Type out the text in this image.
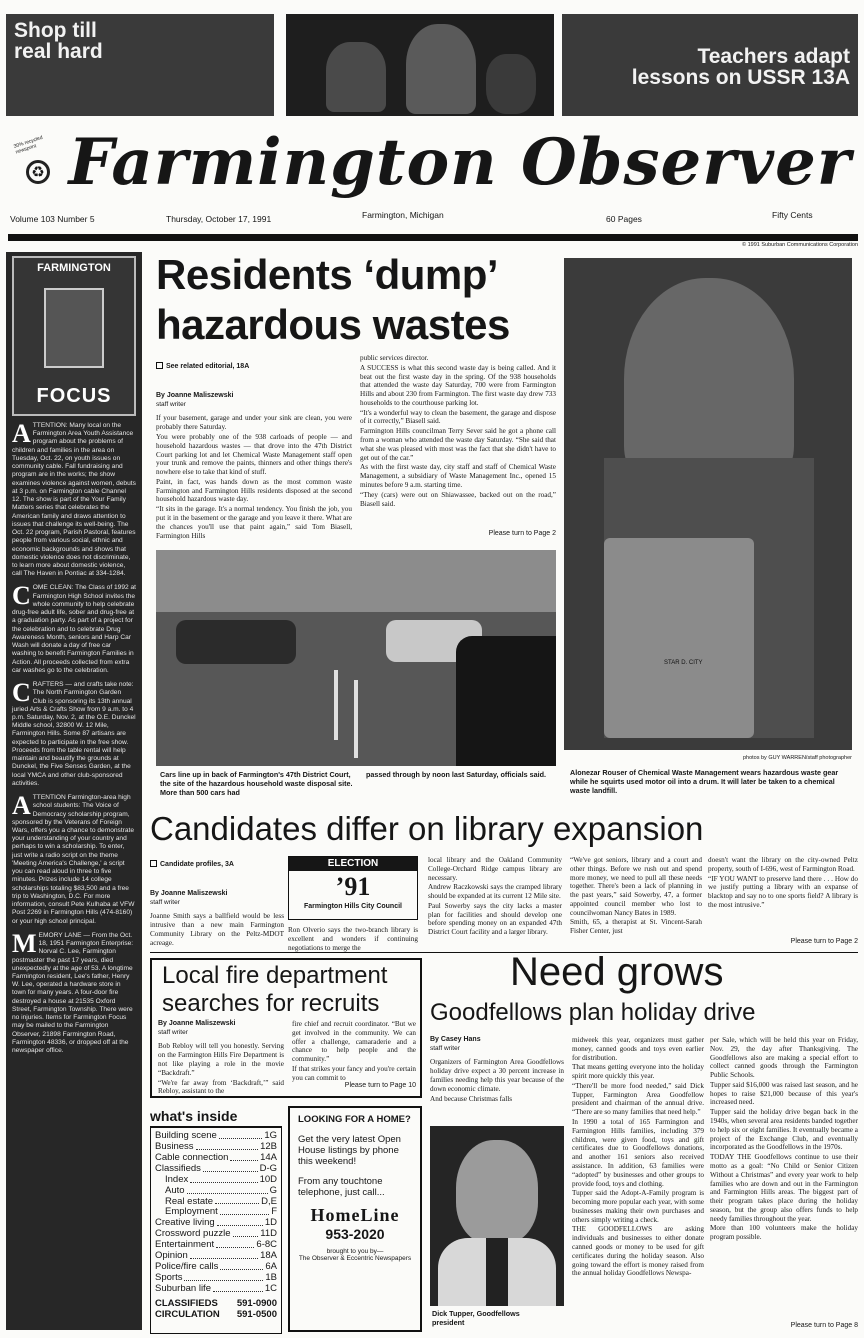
Shop till
real hard	Teachers adapt
lessons on USSR 13A
♻
30% recycled newsprint Farmington Observer
Volume 103 Number 5	Thursday, October 17, 1991	Farmington, Michigan	60 Pages	Fifty Cents
© 1991 Suburban Communications Corporation
FARMINGTON
FOCUS
A TTENTION: Many local on the Farmington Area Youth Assistance program about the problems of children and families in the area on Tuesday, Oct. 22, on youth issues on community cable. Fall fundraising and program are in the works; the show examines violence against women, debuts at 3 p.m. on Farmington cable Channel 12. The show is part of the Your Family Matters series that celebrates the American family and draws attention to issues that challenge its well-being. The Oct. 22 program, Parish Pastoral, features people from various social, ethnic and economic backgrounds and shows that domestic violence does not discriminate, to learn more about domestic violence, call The Haven in Pontiac at 334-1284.

C OME CLEAN: The Class of 1992 at Farmington High School invites the whole community to help celebrate drug-free adult life, sober and drug-free at a graduation party. As part of a project for the celebration and to celebrate Drug Awareness Month, seniors and Harp Car Wash will donate a day of free car washing to benefit Farmington Families in Action. All proceeds collected from extra car washes go to the celebration.

C RAFTERS — and crafts take note: The North Farmington Garden Club is sponsoring its 13th annual juried Arts & Crafts Show from 9 a.m. to 4 p.m. Saturday, Nov. 2, at the O.E. Dunckel Middle school, 32800 W. 12 Mile, Farmington Hills. Some 87 artisans are expected to participate in the free show. Proceeds from the table rental will help maintain and beautify the grounds at Dunckel, the Five Senses Garden, at the local YMCA and other club-sponsored activities.

A TTENTION Farmington-area high school students: The Voice of Democracy scholarship program, sponsored by the Veterans of Foreign Wars, offers you a chance to demonstrate your understanding of your country and perhaps to win a scholarship. To enter, just write a radio script on the theme 'Meeting America's Challenge,' a script you can read aloud in three to five minutes. Prizes include 14 college scholarships totaling $83,500 and a free trip to Washington, D.C. For more information, consult Pete Kulhaba at VFW Post 2269 in Farmington Hills (474-8160) or your high school principal.

M EMORY LANE — From the Oct. 18, 1951 Farmington Enterprise: Norval C. Lee, Farmington postmaster the past 17 years, died unexpectedly at the age of 53. A longtime Farmington resident, Lee's father, Henry W. Lee, operated a hardware store in town for many years. A four-door fire destroyed a house at 21535 Oxford Street, Farmington Township. There were no injuries. Items for Farmington Focus may be mailed to the Farmington Observer, 21898 Farmington Road, Farmington 48336, or dropped off at the newspaper office.

Residents ‘dump’
hazardous wastes
See related editorial, 18A
By Joanne Maliszewski
staff writer

If your basement, garage and under your sink are clean, you were probably there Saturday.

You were probably one of the 938 carloads of people — and household hazardous wastes — that drove into the 47th District Court parking lot and let Chemical Waste Management staff open your trunk and remove the paints, thinners and other things there's nowhere else to take that kind of stuff.

Paint, in fact, was hands down as the most common waste Farmington and Farmington Hills residents disposed at the second household hazardous waste day.

“It sits in the garage. It's a normal tendency. You finish the job, you put it in the basement or the garage and you leave it there. What are the chances you'll use that paint again,” said Tom Biasell, Farmington Hills

public services director.

A SUCCESS is what this second waste day is being called. And it beat out the first waste day in the spring. Of the 938 households that attended the waste day Saturday, 700 were from Farmington Hills and about 230 from Farmington. The first waste day drew 733 households to the courthouse parking lot.

“It's a wonderful way to clean the basement, the garage and dispose of it correctly,” Biasell said.

Farmington Hills councilman Terry Sever said he got a phone call from a woman who attended the waste day Saturday. “She said that what she was pleased with most was the fact that she didn't have to get out of the car.”

As with the first waste day, city staff and staff of Chemical Waste Management, a subsidiary of Waste Management Inc., opened 15 minutes before 9 a.m. starting time.

“They (cars) were out on Shiawassee, backed out on the road,” Biasell said.

Please turn to Page 2
Cars line up in back of Farmington's 47th District Court, the site of the hazardous household waste disposal site. More than 500 cars had
passed through by noon last Saturday, officials said.
STAR D. CITY
photos by GUY WARREN/staff photographer
Alonezar Rouser of Chemical Waste Management wears hazardous waste gear while he squirts used motor oil into a drum. It will later be taken to a chemical waste landfill.
Candidates differ on library expansion
Candidate profiles, 3A
By Joanne Maliszewski
staff writer

Joanne Smith says a ballfield would be less intrusive than a new main Farmington Community Library on the Peltz-MDOT acreage.

ELECTION
’91
Farmington Hills City Council

Ron Olverio says the two-branch library is excellent and wonders if continuing negotiations to merge the

local library and the Oakland Community College-Orchard Ridge campus library are necessary.

Andrew Raczkowski says the cramped library should be expanded at its current 12 Mile site.

Paul Sowerby says the city lacks a master plan for facilities and should develop one before spending money on an expanded 47th District Court facility and a larger library.

“We've got seniors, library and a court and other things. Before we rush out and spend more money, we need to pull all these needs together. There's been a lack of planning in the past years,” said Sowerby, 47, a former appointed council member who lost to councilwoman Nancy Bates in 1989.

Smith, 65, a therapist at St. Vincent-Sarah Fisher Center, just

doesn't want the library on the city-owned Peltz property, south of I-696, west of Farmington Road.

“IF YOU WANT to preserve land there . . . How do we justify putting a library with an expanse of blacktop and say no to one sports field? A library is the most intrusive.”

Please turn to Page 2
Local fire department
searches for recruits
By Joanne Maliszewski
staff writer

Bob Rebloy will tell you honestly. Serving on the Farmington Hills Fire Department is not like playing a role in the movie “Backdraft.”

“We're far away from ‘Backdraft,’” said Rebloy, assistant to the

fire chief and recruit coordinator. “But we get involved in the community. We can offer a challenge, camaraderie and a chance to help people and the community.”

If that strikes your fancy and you're certain you can commit to

Please turn to Page 10
what's inside
Building scene	1G
Business	12B
Cable connection	14A
Classifieds	D-G
Index	10D
Auto	G
Real estate	D,E
Employment	F
Creative living	1D
Crossword puzzle	11D
Entertainment	6-8C
Opinion	18A
Police/fire calls	6A
Sports	1B
Suburban life	1C
CLASSIFIEDS 591-0900
CIRCULATION 591-0500
LOOKING FOR A HOME?
Get the very latest Open House listings by phone this weekend!
From any touchtone telephone, just call...
HomeLine
953-2020
brought to you by—
The Observer & Eccentric Newspapers
Need grows
Goodfellows plan holiday drive
By Casey Hans
staff writer

Organizers of Farmington Area Goodfellows holiday drive expect a 30 percent increase in families needing help this year because of the down economic climate.

And because Christmas falls

Dick Tupper, Goodfellows president

midweek this year, organizers must gather money, canned goods and toys even earlier for distribution.

That means getting everyone into the holiday spirit more quickly this year.

“There'll be more food needed,” said Dick Tupper, Farmington Area Goodfellow president and chairman of the annual drive. “There are so many families that need help.”

In 1990 a total of 165 Farmington and Farmington Hills families, including 379 children, were given food, toys and gift certificates due to Goodfellows donations, and another 161 seniors also received assistance. In addition, 63 families were “adopted” by businesses and other groups to provide food, toys and clothing.

Tupper said the Adopt-A-Family program is becoming more popular each year, with some businesses making their own purchases and others simply writing a check.

THE GOODFELLOWS are asking individuals and businesses to either donate canned goods or money to be used for gift certificates during the holiday season. Also going toward the effort is money raised from the annual holiday Goodfellows Newspa-

per Sale, which will be held this year on Friday, Nov. 29, the day after Thanksgiving. The Goodfellows also are making a special effort to collect canned goods through the Farmington Public Schools.

Tupper said $16,000 was raised last season, and he hopes to raise $21,000 because of this year's increased need.

Tupper said the holiday drive began back in the 1940s, when several area residents banded together to help six or eight families. It eventually became a project of the Exchange Club, and eventually incorporated as the Goodfellows in the 1970s.

TODAY THE Goodfellows continue to use their motto as a goal: “No Child or Senior Citizen Without a Christmas” and every year work to help families who are down and out in the Farmington and Farmington Hills areas. The biggest part of their program takes place during the holiday season, but the group also offers funds to help needy families throughout the year.

More than 100 volunteers make the holiday program possible.

Please turn to Page 8
